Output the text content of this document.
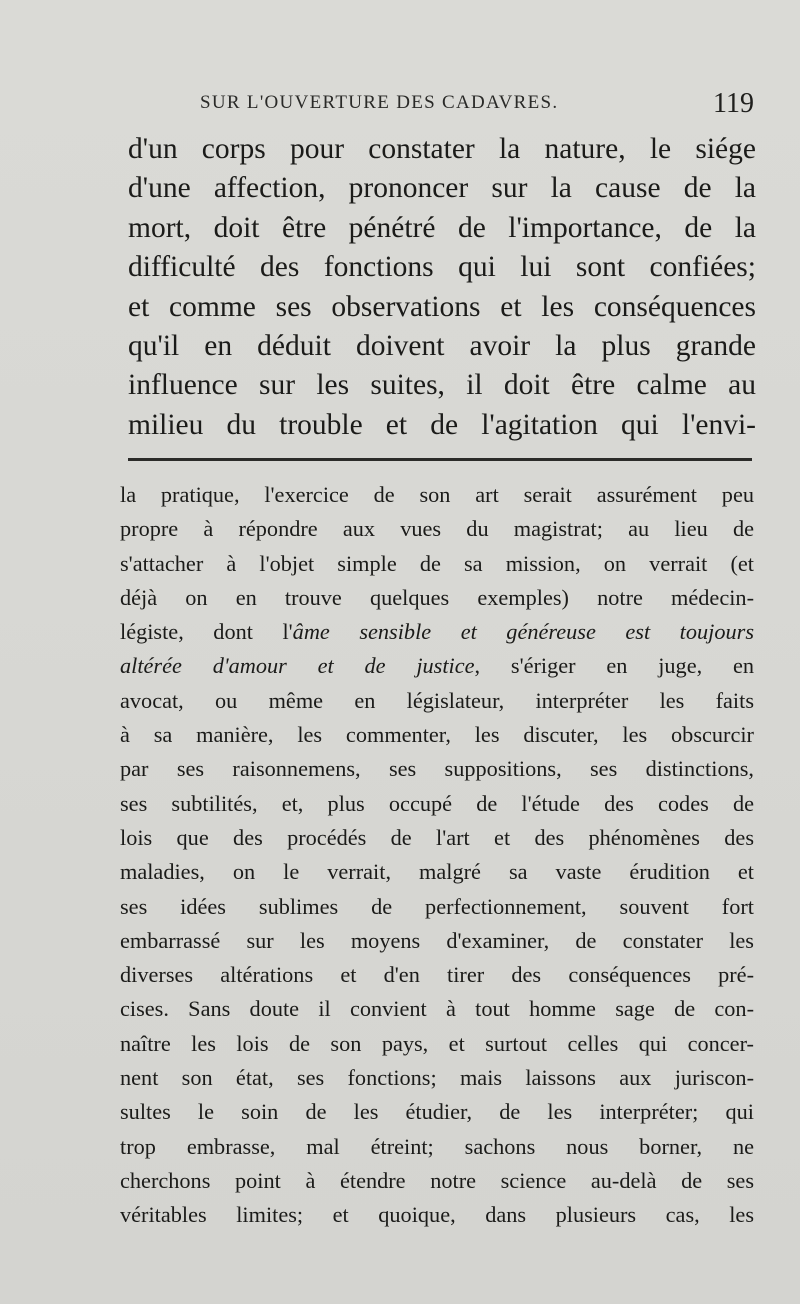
SUR L'OUVERTURE DES CADAVRES.	119
d'un corps pour constater la nature, le siége
d'une affection, prononcer sur la cause de la
mort, doit être pénétré de l'importance, de la
difficulté des fonctions qui lui sont confiées;
et comme ses observations et les conséquences
qu'il en déduit doivent avoir la plus grande
influence sur les suites, il doit être calme au
milieu du trouble et de l'agitation qui l'envi-
la pratique, l'exercice de son art serait assurément peu
propre à répondre aux vues du magistrat; au lieu de
s'attacher à l'objet simple de sa mission, on verrait (et
déjà on en trouve quelques exemples) notre médecin-
légiste, dont l'âme sensible et généreuse est toujours
altérée d'amour et de justice, s'ériger en juge, en
avocat, ou même en législateur, interpréter les faits
à sa manière, les commenter, les discuter, les obscurcir
par ses raisonnemens, ses suppositions, ses distinctions,
ses subtilités, et, plus occupé de l'étude des codes de
lois que des procédés de l'art et des phénomènes des
maladies, on le verrait, malgré sa vaste érudition et
ses idées sublimes de perfectionnement, souvent fort
embarrassé sur les moyens d'examiner, de constater les
diverses altérations et d'en tirer des conséquences pré-
cises. Sans doute il convient à tout homme sage de con-
naître les lois de son pays, et surtout celles qui concer-
nent son état, ses fonctions; mais laissons aux juriscon-
sultes le soin de les étudier, de les interpréter; qui
trop embrasse, mal étreint; sachons nous borner, ne
cherchons point à étendre notre science au-delà de ses
véritables limites; et quoique, dans plusieurs cas, les
